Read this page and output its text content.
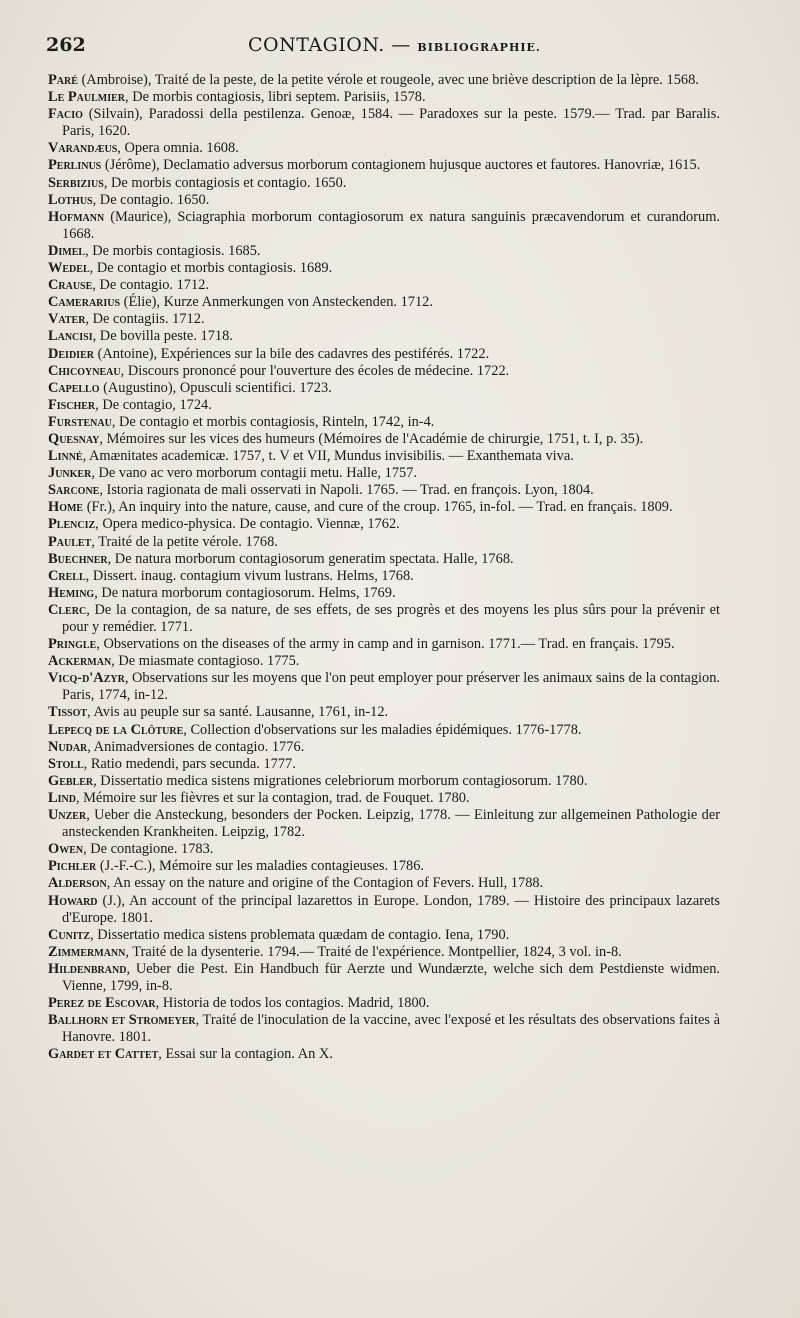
262	CONTAGION. — BIBLIOGRAPHIE.
Paré (Ambroise), Traité de la peste, de la petite vérole et rougeole, avec une briève description de la lèpre. 1568.
Le Paulmier, De morbis contagiosis, libri septem. Parisiis, 1578.
Facio (Silvain), Paradossi della pestilenza. Genoæ, 1584. — Paradoxes sur la peste. 1579.— Trad. par Baralis. Paris, 1620.
Varandæus, Opera omnia. 1608.
Perlinus (Jérôme), Declamatio adversus morborum contagionem hujusque auctores et fautores. Hanovriæ, 1615.
Serbizius, De morbis contagiosis et contagio. 1650.
Lothus, De contagio. 1650.
Hofmann (Maurice), Sciagraphia morborum contagiosorum ex natura sanguinis præcavendorum et curandorum. 1668.
Dimel, De morbis contagiosis. 1685.
Wedel, De contagio et morbis contagiosis. 1689.
Crause, De contagio. 1712.
Camerarius (Élie), Kurze Anmerkungen von Ansteckenden. 1712.
Vater, De contagiis. 1712.
Lancisi, De bovilla peste. 1718.
Deidier (Antoine), Expériences sur la bile des cadavres des pestiférés. 1722.
Chicoyneau, Discours prononcé pour l'ouverture des écoles de médecine. 1722.
Capello (Augustino), Opusculi scientifici. 1723.
Fischer, De contagio, 1724.
Furstenau, De contagio et morbis contagiosis, Rinteln, 1742, in-4.
Quesnay, Mémoires sur les vices des humeurs (Mémoires de l'Académie de chirurgie, 1751, t. I, p. 35).
Linné, Amænitates academicæ. 1757, t. V et VII, Mundus invisibilis. — Exanthemata viva.
Junker, De vano ac vero morborum contagii metu. Halle, 1757.
Sarcone, Istoria ragionata de mali osservati in Napoli. 1765. — Trad. en françois. Lyon, 1804.
Home (Fr.), An inquiry into the nature, cause, and cure of the croup. 1765, in-fol. — Trad. en français. 1809.
Plenciz, Opera medico-physica. De contagio. Viennæ, 1762.
Paulet, Traité de la petite vérole. 1768.
Buechner, De natura morborum contagiosorum generatim spectata. Halle, 1768.
Crell, Dissert. inaug. contagium vivum lustrans. Helms, 1768.
Heming, De natura morborum contagiosorum. Helms, 1769.
Clerc, De la contagion, de sa nature, de ses effets, de ses progrès et des moyens les plus sûrs pour la prévenir et pour y remédier. 1771.
Pringle, Observations on the diseases of the army in camp and in garnison. 1771.— Trad. en français. 1795.
Ackerman, De miasmate contagioso. 1775.
Vicq-d'Azyr, Observations sur les moyens que l'on peut employer pour préserver les animaux sains de la contagion. Paris, 1774, in-12.
Tissot, Avis au peuple sur sa santé. Lausanne, 1761, in-12.
Lepecq de la Clôture, Collection d'observations sur les maladies épidémiques. 1776-1778.
Nudar, Animadversiones de contagio. 1776.
Stoll, Ratio medendi, pars secunda. 1777.
Gebler, Dissertatio medica sistens migrationes celebriorum morborum contagiosorum. 1780.
Lind, Mémoire sur les fièvres et sur la contagion, trad. de Fouquet. 1780.
Unzer, Ueber die Ansteckung, besonders der Pocken. Leipzig, 1778. — Einleitung zur allgemeinen Pathologie der ansteckenden Krankheiten. Leipzig, 1782.
Owen, De contagione. 1783.
Pichler (J.-F.-C.), Mémoire sur les maladies contagieuses. 1786.
Alderson, An essay on the nature and origine of the Contagion of Fevers. Hull, 1788.
Howard (J.), An account of the principal lazarettos in Europe. London, 1789. — Histoire des principaux lazarets d'Europe. 1801.
Cunitz, Dissertatio medica sistens problemata quædam de contagio. Iena, 1790.
Zimmermann, Traité de la dysenterie. 1794.— Traité de l'expérience. Montpellier, 1824, 3 vol. in-8.
Hildenbrand, Ueber die Pest. Ein Handbuch für Aerzte und Wundærzte, welche sich dem Pestdienste widmen. Vienne, 1799, in-8.
Perez de Escovar, Historia de todos los contagios. Madrid, 1800.
Ballhorn et Stromeyer, Traité de l'inoculation de la vaccine, avec l'exposé et les résultats des observations faites à Hanovre. 1801.
Gardet et Cattet, Essai sur la contagion. An X.
